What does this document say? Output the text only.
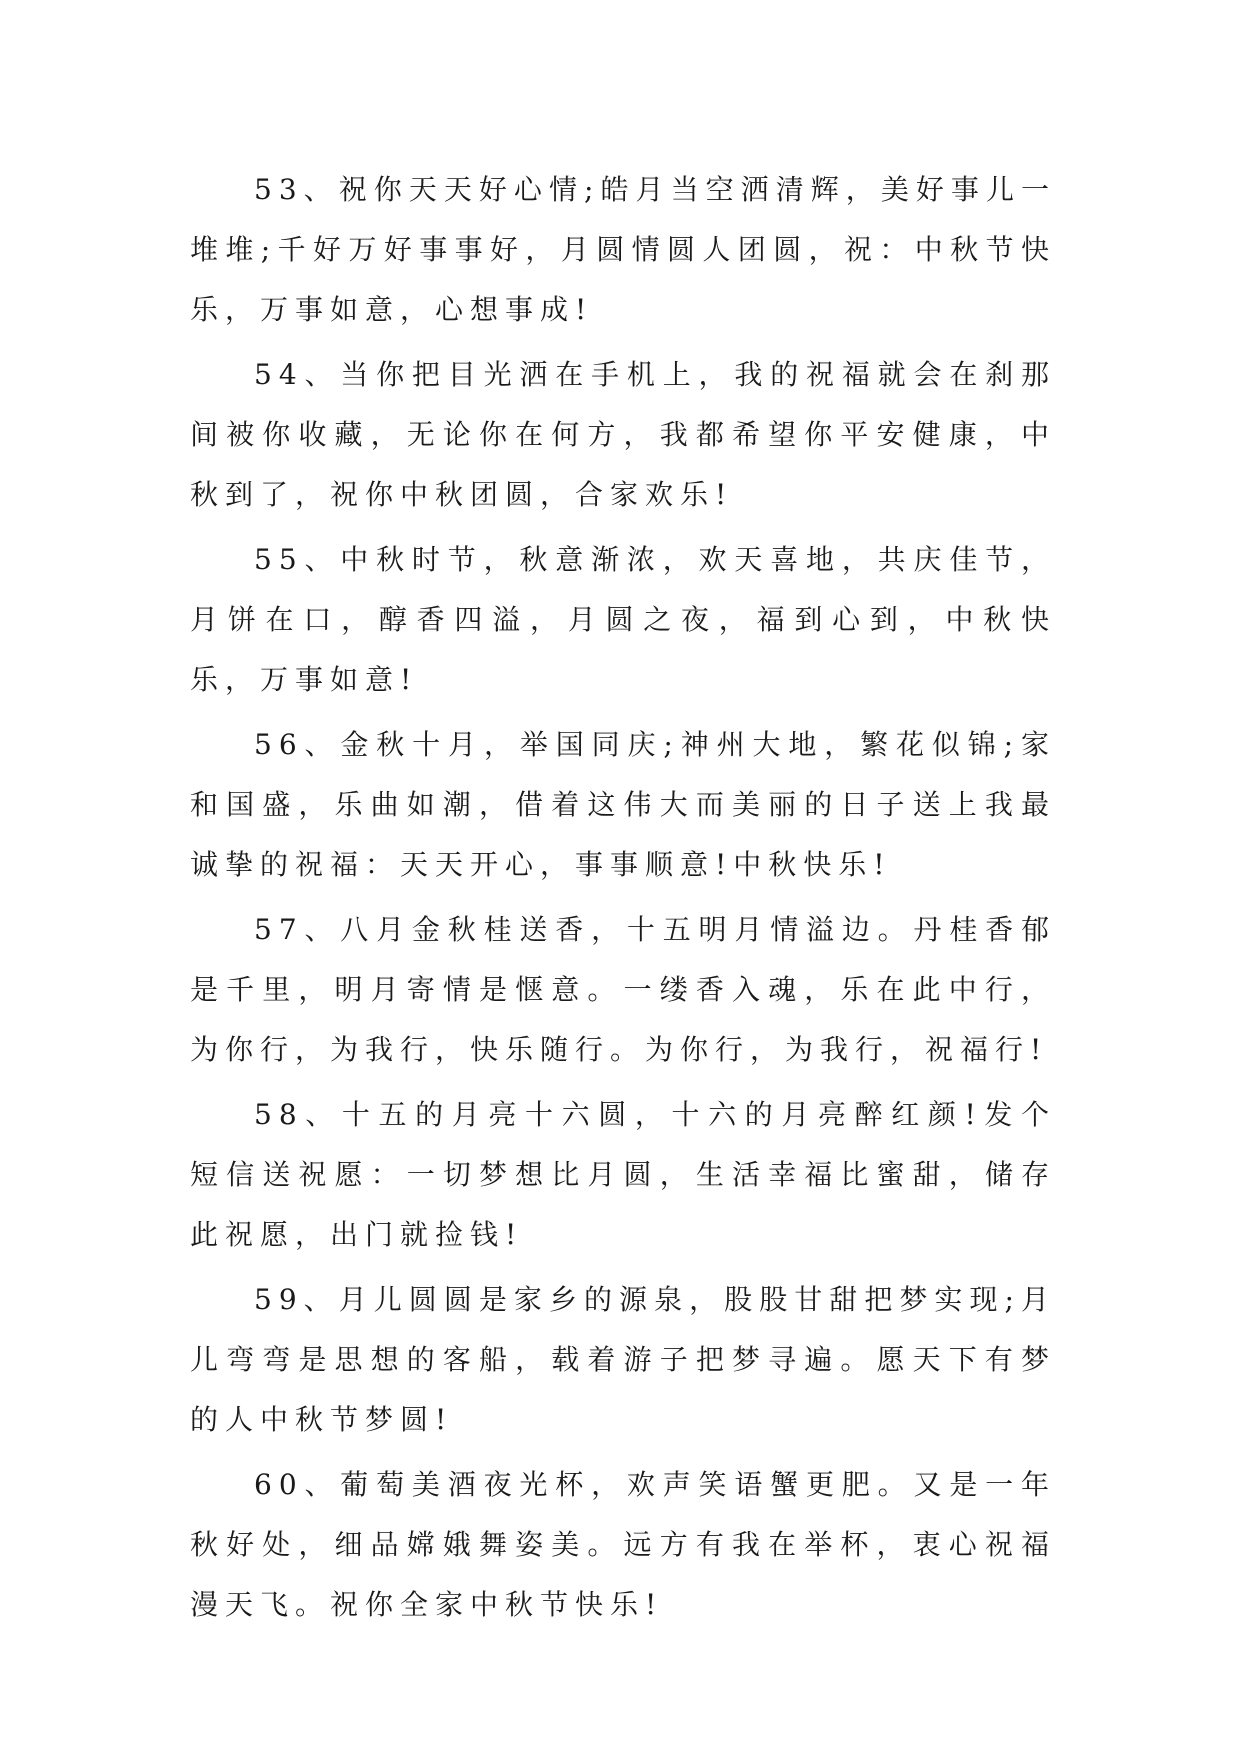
53、祝你天天好心情;皓月当空洒清辉，美好事儿一堆堆;千好万好事事好，月圆情圆人团圆，祝：中秋节快乐，万事如意，心想事成!

54、当你把目光洒在手机上，我的祝福就会在刹那间被你收藏，无论你在何方，我都希望你平安健康，中秋到了，祝你中秋团圆，合家欢乐!

55、中秋时节，秋意渐浓，欢天喜地，共庆佳节，月饼在口，醇香四溢，月圆之夜，福到心到，中秋快乐，万事如意!

56、金秋十月，举国同庆;神州大地，繁花似锦;家和国盛，乐曲如潮，借着这伟大而美丽的日子送上我最诚挚的祝福：天天开心，事事顺意!中秋快乐!

57、八月金秋桂送香，十五明月情溢边。丹桂香郁是千里，明月寄情是惬意。一缕香入魂，乐在此中行，为你行，为我行，快乐随行。为你行，为我行，祝福行!

58、十五的月亮十六圆，十六的月亮醉红颜!发个短信送祝愿：一切梦想比月圆，生活幸福比蜜甜，储存此祝愿，出门就捡钱!

59、月儿圆圆是家乡的源泉，股股甘甜把梦实现;月儿弯弯是思想的客船，载着游子把梦寻遍。愿天下有梦的人中秋节梦圆!

60、葡萄美酒夜光杯，欢声笑语蟹更肥。又是一年秋好处，细品嫦娥舞姿美。远方有我在举杯，衷心祝福漫天飞。祝你全家中秋节快乐!
